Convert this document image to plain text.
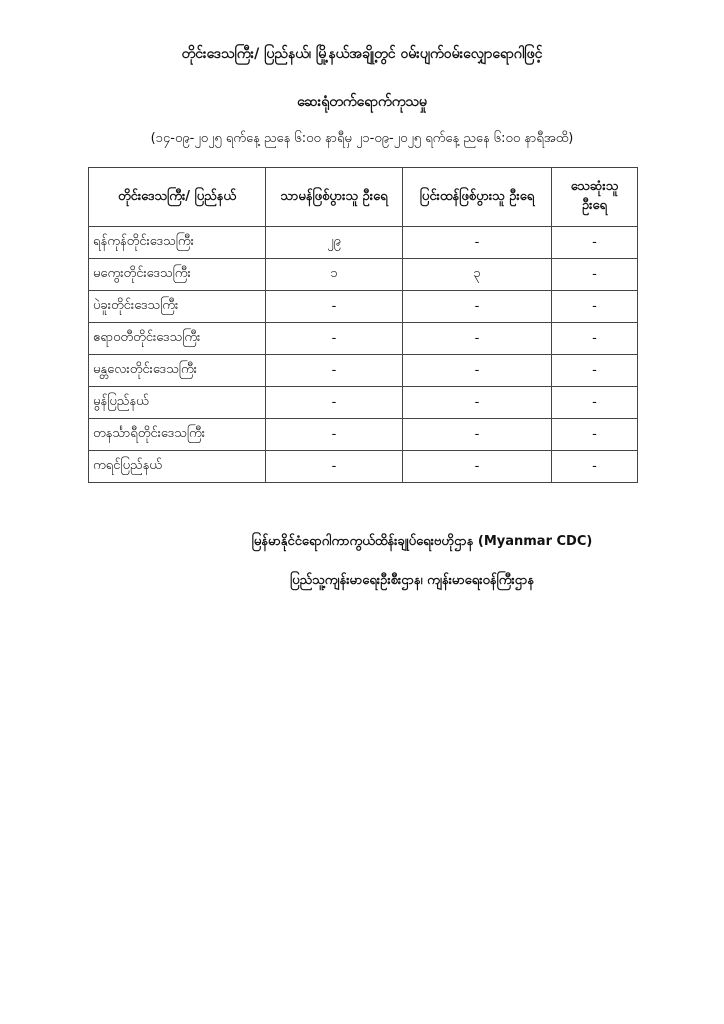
တိုင်းဒေသကြီး/ ပြည်နယ်၊ မြို့နယ်အချို့တွင် ဝမ်းပျက်ဝမ်းလျှောရောဂါဖြင့်
ဆေးရုံတက်ရောက်ကုသမှု
(၁၄-၀၉-၂၀၂၅ ရက်နေ့ ညနေ ၆:၀၀ နာရီမှ ၂၁-၀၉-၂၀၂၅ ရက်နေ့ ညနေ ၆:၀၀ နာရီအထိ)
တိုင်းဒေသကြီး/ ပြည်နယ်	သာမန်ဖြစ်ပွားသူ ဦးရေ	ပြင်းထန်ဖြစ်ပွားသူ ဦးရေ	သေဆုံးသူ ဦးရေ
ရန်ကုန်တိုင်းဒေသကြီး	၂၉	-	-
မကွေးတိုင်းဒေသကြီး	၁	၃	-
ပဲခူးတိုင်းဒေသကြီး	-	-	-
ဧရာဝတီတိုင်းဒေသကြီး	-	-	-
မန္တလေးတိုင်းဒေသကြီး	-	-	-
မွန်ပြည်နယ်	-	-	-
တနင်္သာရီတိုင်းဒေသကြီး	-	-	-
ကရင်ပြည်နယ်	-	-	-
မြန်မာနိုင်ငံရောဂါကာကွယ်ထိန်းချုပ်ရေးဗဟိုဌာန (Myanmar CDC)
ပြည်သူ့ကျန်းမာရေးဦးစီးဌာန၊ ကျန်းမာရေးဝန်ကြီးဌာန
